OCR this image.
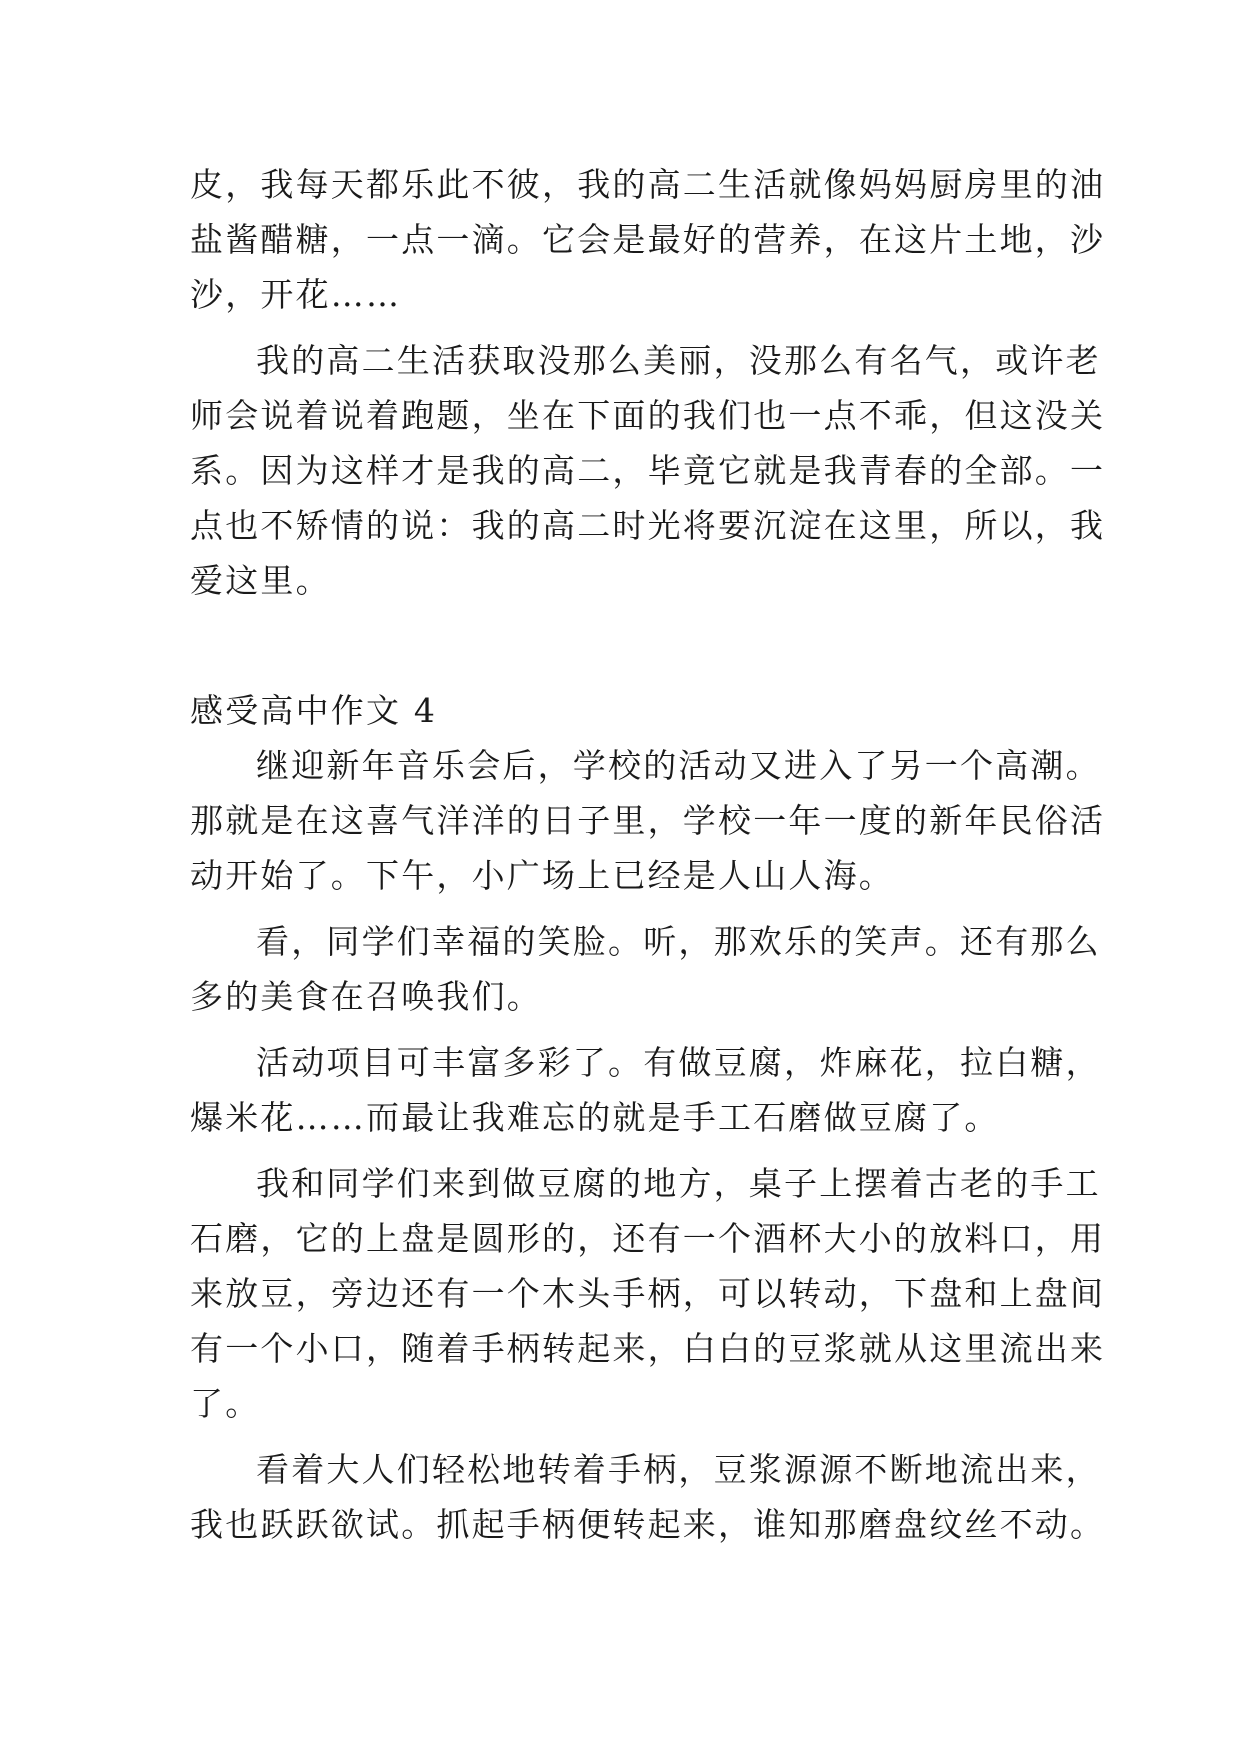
皮，我每天都乐此不彼，我的高二生活就像妈妈厨房里的油
盐酱醋糖，一点一滴。它会是最好的营养，在这片土地，沙
沙，开花……
我的高二生活获取没那么美丽，没那么有名气，或许老
师会说着说着跑题，坐在下面的我们也一点不乖，但这没关
系。因为这样才是我的高二，毕竟它就是我青春的全部。一
点也不矫情的说：我的高二时光将要沉淀在这里，所以，我
爱这里。
感受高中作文 4
继迎新年音乐会后，学校的活动又进入了另一个高潮。
那就是在这喜气洋洋的日子里，学校一年一度的新年民俗活
动开始了。下午，小广场上已经是人山人海。
看，同学们幸福的笑脸。听，那欢乐的笑声。还有那么
多的美食在召唤我们。
活动项目可丰富多彩了。有做豆腐，炸麻花，拉白糖，
爆米花……而最让我难忘的就是手工石磨做豆腐了。
我和同学们来到做豆腐的地方，桌子上摆着古老的手工
石磨，它的上盘是圆形的，还有一个酒杯大小的放料口，用
来放豆，旁边还有一个木头手柄，可以转动，下盘和上盘间
有一个小口，随着手柄转起来，白白的豆浆就从这里流出来
了。
看着大人们轻松地转着手柄，豆浆源源不断地流出来，
我也跃跃欲试。抓起手柄便转起来，谁知那磨盘纹丝不动。
